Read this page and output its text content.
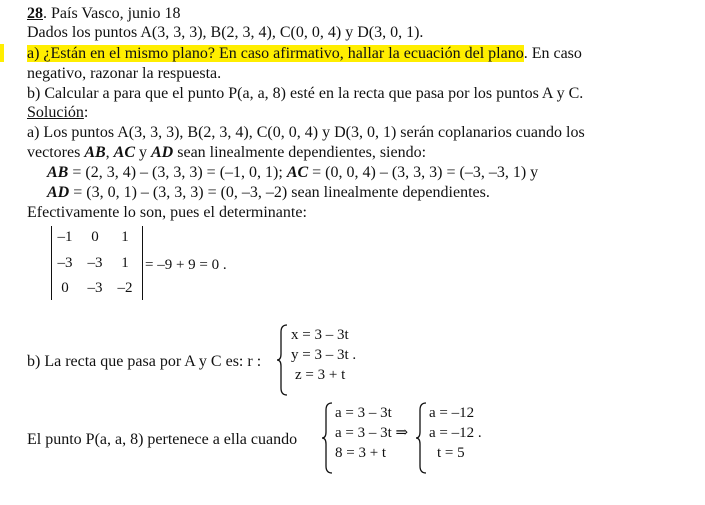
28. País Vasco, junio 18
Dados los puntos A(3, 3, 3), B(2, 3, 4), C(0, 0, 4) y D(3, 0, 1).
a) ¿Están en el mismo plano? En caso afirmativo, hallar la ecuación del plano. En caso
negativo, razonar la respuesta.
b) Calcular a para que el punto P(a, a, 8) esté en la recta que pasa por los puntos A y C.
Solución:
a) Los puntos A(3, 3, 3), B(2, 3, 4), C(0, 0, 4) y D(3, 0, 1) serán coplanarios cuando los
vectores AB, AC y AD sean linealmente dependientes, siendo:
AB = (2, 3, 4) – (3, 3, 3) = (–1, 0, 1); AC = (0, 0, 4) – (3, 3, 3) = (–3, –3, 1) y
AD = (3, 0, 1) – (3, 3, 3) = (0, –3, –2) sean linealmente dependientes.
Efectivamente lo son, pues el determinante:
–1	0	1
–3	–3	1
0	–3	–2
= –9 + 9 = 0 .
b) La recta que pasa por A y C es: r :
x = 3 – 3t
y = 3 – 3t .
z = 3 + t
El punto P(a, a, 8) pertenece a ella cuando
a = 3 – 3t
a = 3 – 3t ⇒
8 = 3 + t
a = –12
a = –12 .
t = 5
